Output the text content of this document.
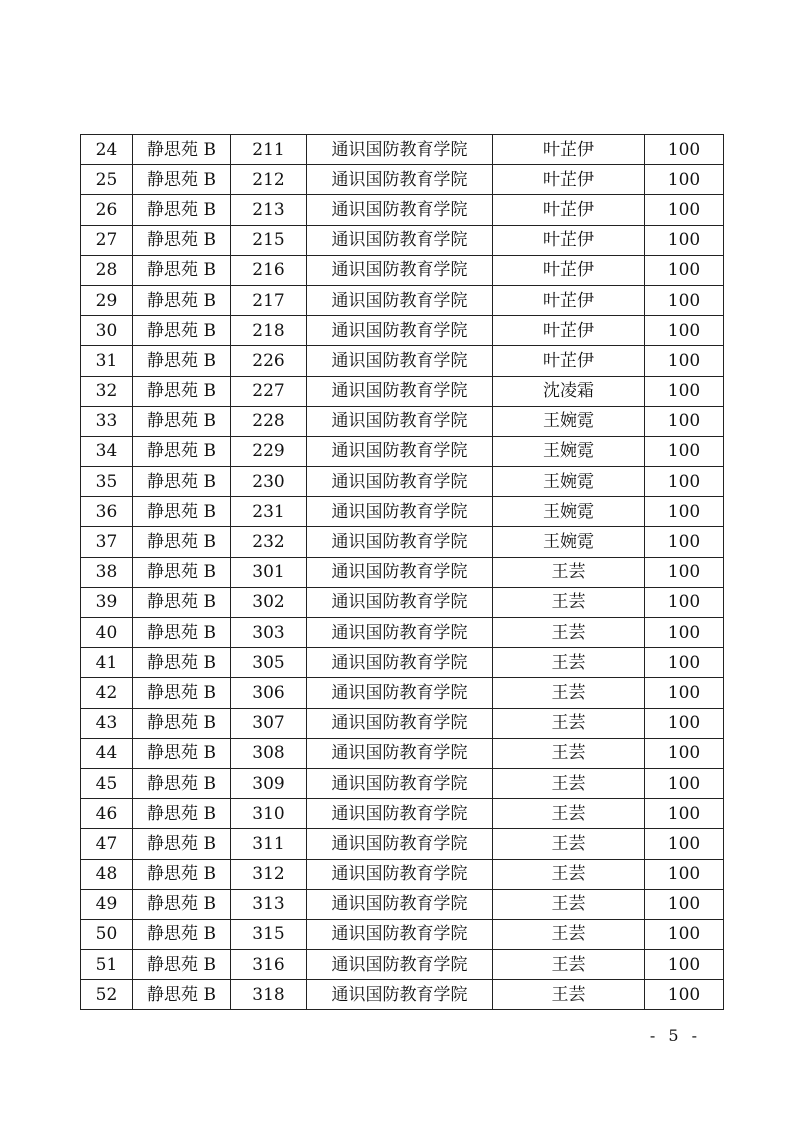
24	静思苑 B	211	通识国防教育学院	叶芷伊	100
25	静思苑 B	212	通识国防教育学院	叶芷伊	100
26	静思苑 B	213	通识国防教育学院	叶芷伊	100
27	静思苑 B	215	通识国防教育学院	叶芷伊	100
28	静思苑 B	216	通识国防教育学院	叶芷伊	100
29	静思苑 B	217	通识国防教育学院	叶芷伊	100
30	静思苑 B	218	通识国防教育学院	叶芷伊	100
31	静思苑 B	226	通识国防教育学院	叶芷伊	100
32	静思苑 B	227	通识国防教育学院	沈凌霜	100
33	静思苑 B	228	通识国防教育学院	王婉霓	100
34	静思苑 B	229	通识国防教育学院	王婉霓	100
35	静思苑 B	230	通识国防教育学院	王婉霓	100
36	静思苑 B	231	通识国防教育学院	王婉霓	100
37	静思苑 B	232	通识国防教育学院	王婉霓	100
38	静思苑 B	301	通识国防教育学院	王芸	100
39	静思苑 B	302	通识国防教育学院	王芸	100
40	静思苑 B	303	通识国防教育学院	王芸	100
41	静思苑 B	305	通识国防教育学院	王芸	100
42	静思苑 B	306	通识国防教育学院	王芸	100
43	静思苑 B	307	通识国防教育学院	王芸	100
44	静思苑 B	308	通识国防教育学院	王芸	100
45	静思苑 B	309	通识国防教育学院	王芸	100
46	静思苑 B	310	通识国防教育学院	王芸	100
47	静思苑 B	311	通识国防教育学院	王芸	100
48	静思苑 B	312	通识国防教育学院	王芸	100
49	静思苑 B	313	通识国防教育学院	王芸	100
50	静思苑 B	315	通识国防教育学院	王芸	100
51	静思苑 B	316	通识国防教育学院	王芸	100
52	静思苑 B	318	通识国防教育学院	王芸	100
- 5 -
